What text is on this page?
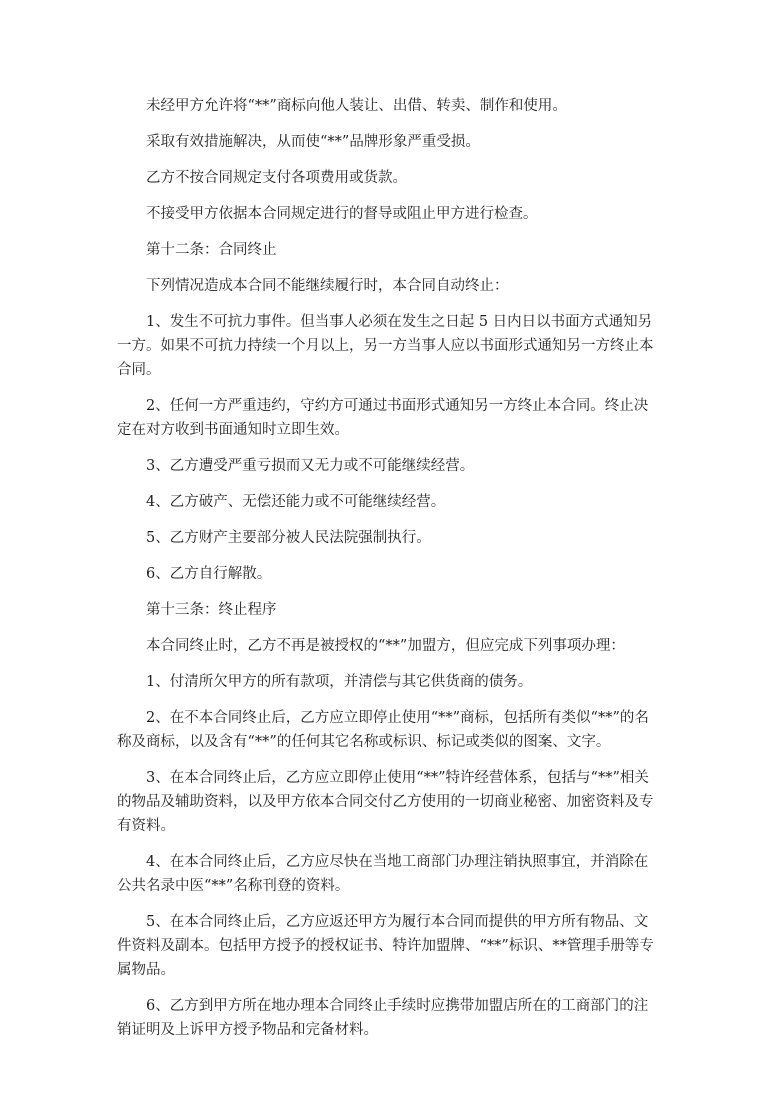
未经甲方允许将“**”商标向他人装让、出借、转卖、制作和使用。

采取有效措施解决，从而使“**”品牌形象严重受损。

乙方不按合同规定支付各项费用或货款。

不接受甲方依据本合同规定进行的督导或阻止甲方进行检查。

第十二条：合同终止

下列情况造成本合同不能继续履行时，本合同自动终止：

1、发生不可抗力事件。但当事人必须在发生之日起 5 日内日以书面方式通知另一方。如果不可抗力持续一个月以上，另一方当事人应以书面形式通知另一方终止本合同。

2、任何一方严重违约，守约方可通过书面形式通知另一方终止本合同。终止决定在对方收到书面通知时立即生效。

3、乙方遭受严重亏损而又无力或不可能继续经营。

4、乙方破产、无偿还能力或不可能继续经营。

5、乙方财产主要部分被人民法院强制执行。

6、乙方自行解散。

第十三条：终止程序

本合同终止时，乙方不再是被授权的“**”加盟方，但应完成下列事项办理：

1、付清所欠甲方的所有款项，并清偿与其它供货商的债务。

2、在不本合同终止后，乙方应立即停止使用“**”商标，包括所有类似“**”的名称及商标，以及含有“**”的任何其它名称或标识、标记或类似的图案、文字。

3、在本合同终止后，乙方应立即停止使用“**”特许经营体系，包括与“**”相关的物品及辅助资料，以及甲方依本合同交付乙方使用的一切商业秘密、加密资料及专有资料。

4、在本合同终止后，乙方应尽快在当地工商部门办理注销执照事宜，并消除在公共名录中医“**”名称刊登的资料。

5、在本合同终止后，乙方应返还甲方为履行本合同而提供的甲方所有物品、文件资料及副本。包括甲方授予的授权证书、特许加盟牌、“**”标识、**管理手册等专属物品。

6、乙方到甲方所在地办理本合同终止手续时应携带加盟店所在的工商部门的注销证明及上诉甲方授予物品和完备材料。
